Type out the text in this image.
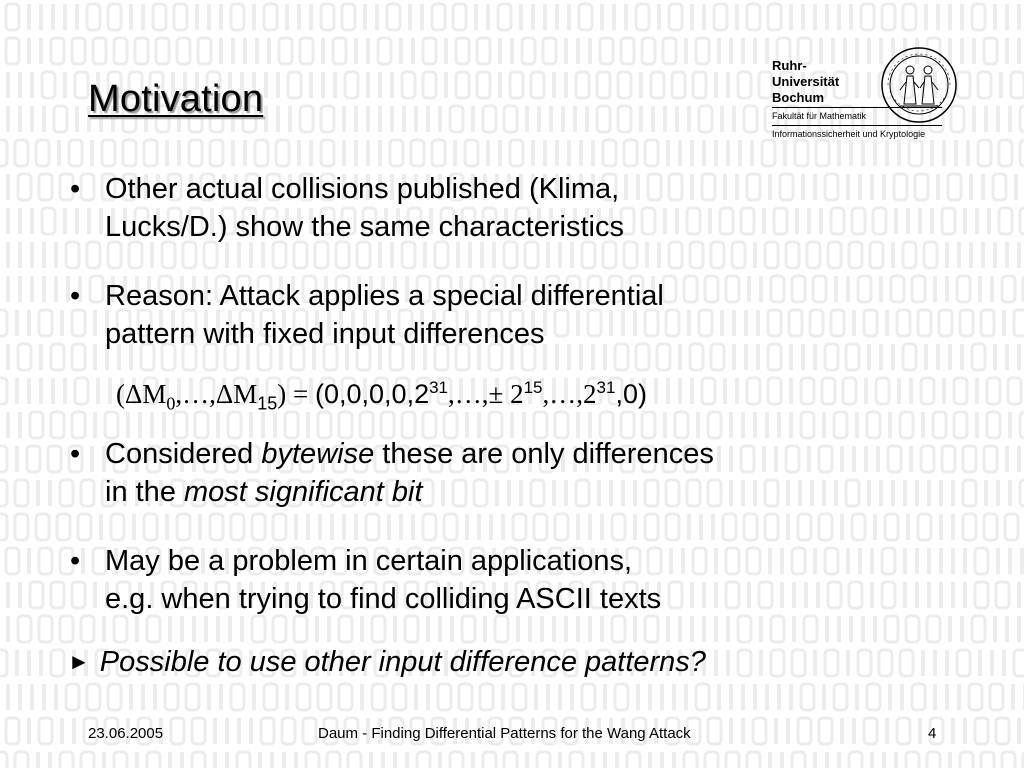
Motivation
Ruhr-
Universität
Bochum
Fakultät für Mathematik
Informationssicherheit und Kryptologie
• Other actual collisions published (Klima,
Lucks/D.) show the same characteristics
• Reason: Attack applies a special differential
pattern with fixed input differences
$(\Delta M_0,\dots,\Delta M_{15})$ = ($0,0,0,0,2^{31},\dots,\pm$ $2^{15},\dots,2^{31},0$)
• Considered bytewise these are only differences
in the most significant bit
• May be a problem in certain applications,
e.g. when trying to find colliding ASCII texts
► Possible to use other input difference patterns?
23.06.2005	Daum - Finding Differential Patterns for the Wang Attack	4
